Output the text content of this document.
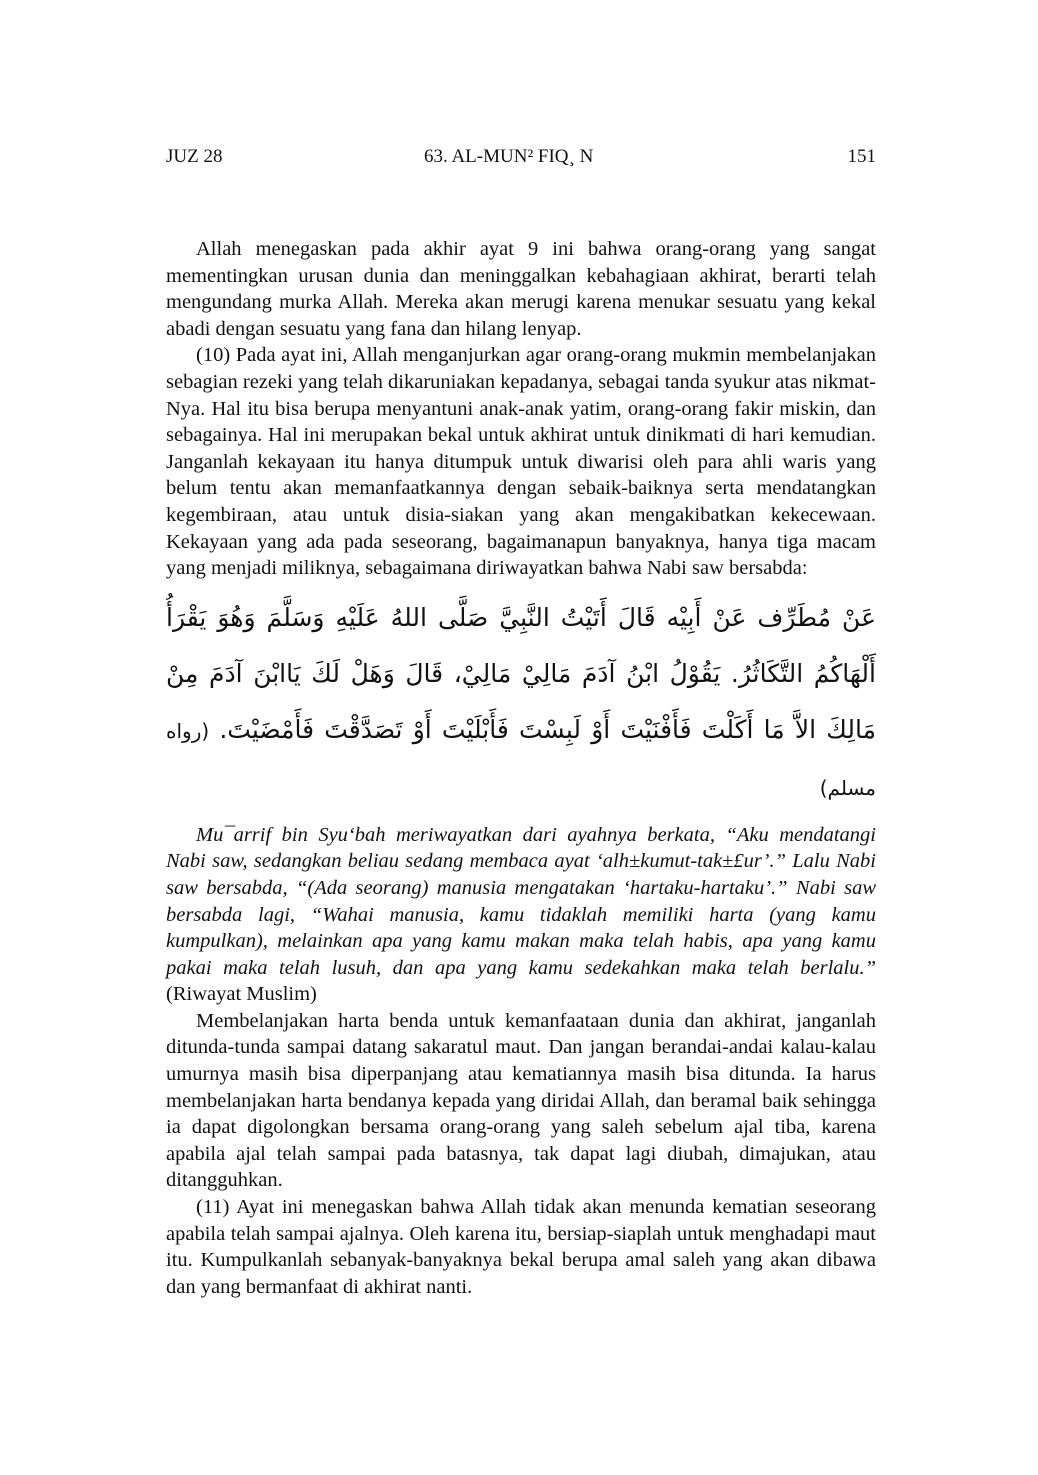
JUZ 28	63. AL-MUN² FIQ¸ N	151

Allah menegaskan pada akhir ayat 9 ini bahwa orang-orang yang sangat mementingkan urusan dunia dan meninggalkan kebahagiaan akhirat, berarti telah mengundang murka Allah. Mereka akan merugi karena menukar sesuatu yang kekal abadi dengan sesuatu yang fana dan hilang lenyap.

(10) Pada ayat ini, Allah menganjurkan agar orang-orang mukmin membelanjakan sebagian rezeki yang telah dikaruniakan kepadanya, sebagai tanda syukur atas nikmat-Nya. Hal itu bisa berupa menyantuni anak-anak yatim, orang-orang fakir miskin, dan sebagainya. Hal ini merupakan bekal untuk akhirat untuk dinikmati di hari kemudian. Janganlah kekayaan itu hanya ditumpuk untuk diwarisi oleh para ahli waris yang belum tentu akan memanfaatkannya dengan sebaik-baiknya serta mendatangkan kegembiraan, atau untuk disia-siakan yang akan mengakibatkan kekecewaan. Kekayaan yang ada pada seseorang, bagaimanapun banyaknya, hanya tiga macam yang menjadi miliknya, sebagaimana diriwayatkan bahwa Nabi saw bersabda:

عَنْ مُطَرِّف عَنْ أَبِيْه قَالَ أَتَيْتُ النَّبِيَّ صَلَّى اللهُ عَلَيْهِ وَسَلَّمَ وَهُوَ يَقْرَأُ أَلْهَاكُمُ التَّكَاثُرُ. يَقُوْلُ ابْنُ آدَمَ مَالِيْ مَالِيْ، قَالَ وَهَلْ لَكَ يَاابْنَ آدَمَ مِنْ مَالِكَ الاَّ مَا أَكَلْتَ فَأَفْنَيْتَ أَوْ لَبِسْتَ فَأَبْلَيْتَ أَوْ تَصَدَّقْتَ فَأَمْضَيْتَ. (رواه مسلم)

Mu¯arrif bin Syu‘bah meriwayatkan dari ayahnya berkata, “Aku mendatangi Nabi saw, sedangkan beliau sedang membaca ayat ‘alh±kumut-tak±£ur’.” Lalu Nabi saw bersabda, “(Ada seorang) manusia mengatakan ‘hartaku-hartaku’.” Nabi saw bersabda lagi, “Wahai manusia, kamu tidaklah memiliki harta (yang kamu kumpulkan), melainkan apa yang kamu makan maka telah habis, apa yang kamu pakai maka telah lusuh, dan apa yang kamu sedekahkan maka telah berlalu.” (Riwayat Muslim)

Membelanjakan harta benda untuk kemanfaataan dunia dan akhirat, janganlah ditunda-tunda sampai datang sakaratul maut. Dan jangan berandai-andai kalau-kalau umurnya masih bisa diperpanjang atau kematiannya masih bisa ditunda. Ia harus membelanjakan harta bendanya kepada yang diridai Allah, dan beramal baik sehingga ia dapat digolongkan bersama orang-orang yang saleh sebelum ajal tiba, karena apabila ajal telah sampai pada batasnya, tak dapat lagi diubah, dimajukan, atau ditangguhkan.

(11) Ayat ini menegaskan bahwa Allah tidak akan menunda kematian seseorang apabila telah sampai ajalnya. Oleh karena itu, bersiap-siaplah untuk menghadapi maut itu. Kumpulkanlah sebanyak-banyaknya bekal berupa amal saleh yang akan dibawa dan yang bermanfaat di akhirat nanti.
